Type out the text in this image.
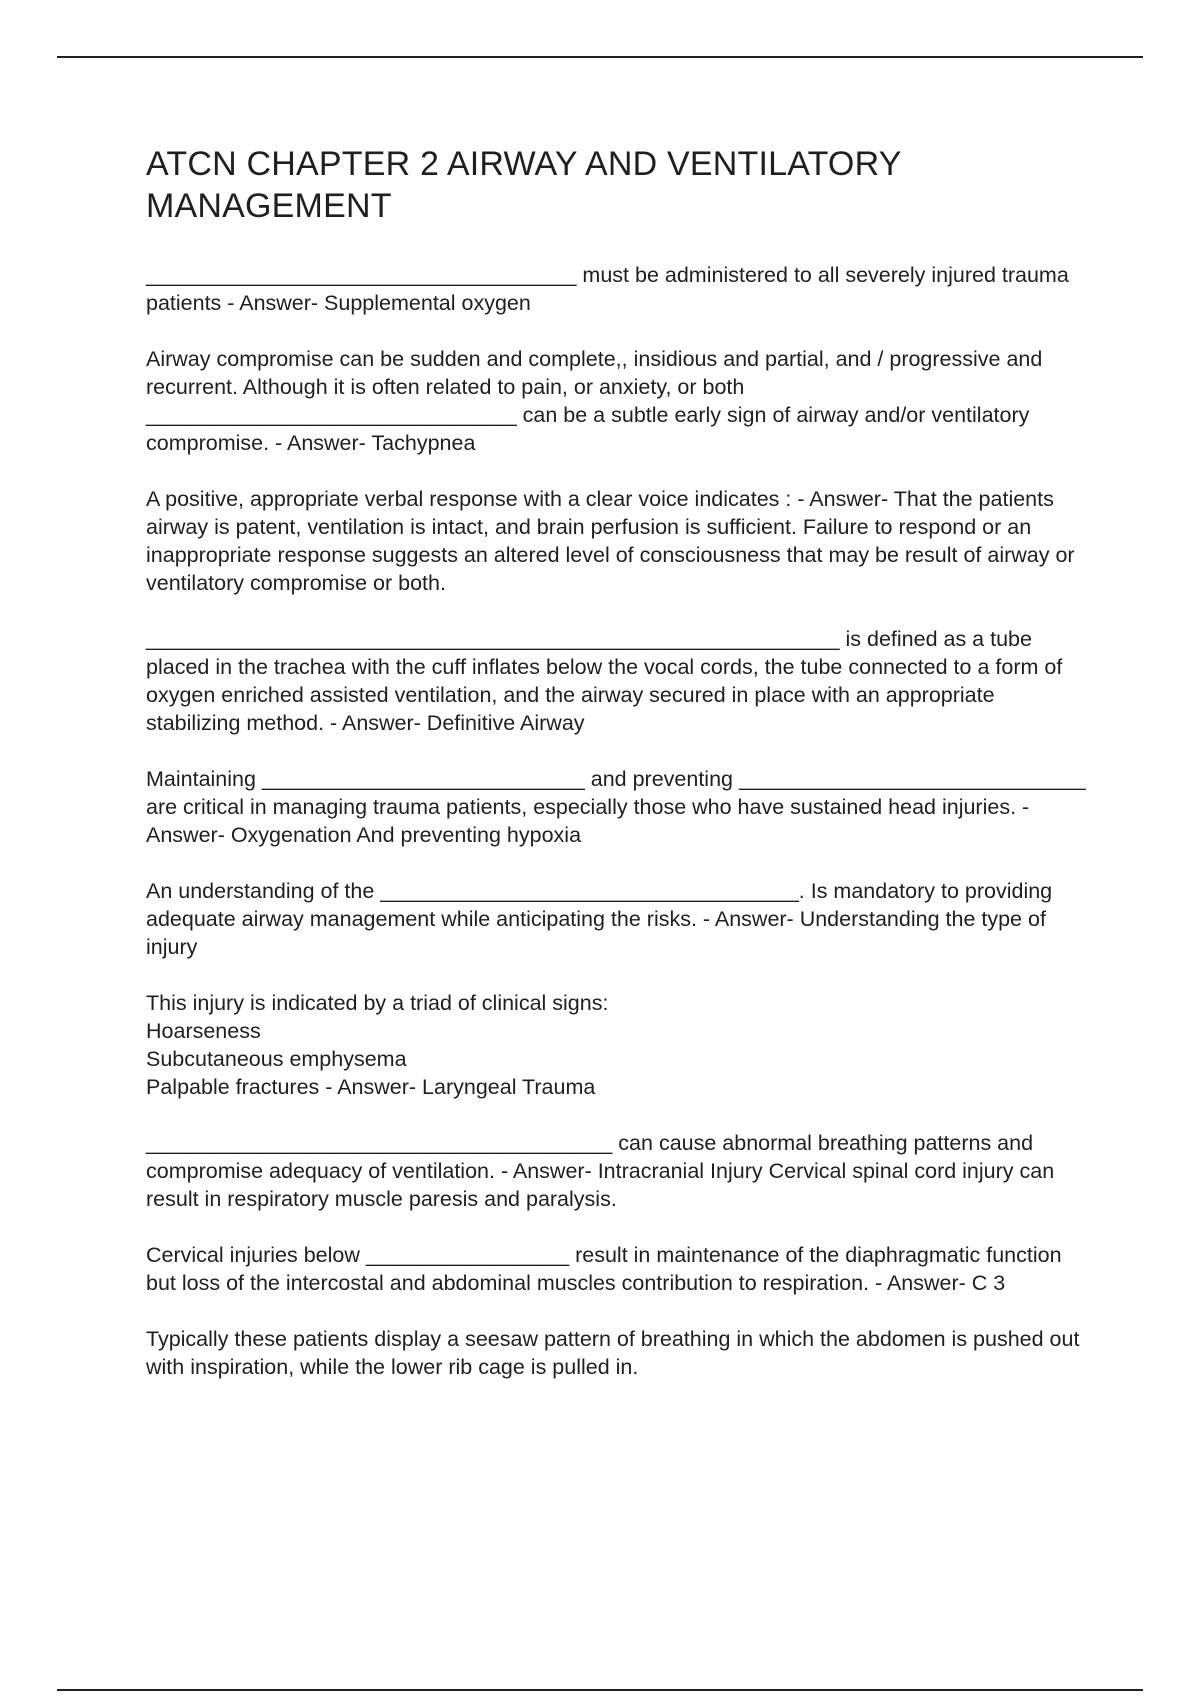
ATCN CHAPTER 2 AIRWAY AND VENTILATORY MANAGEMENT

____________________________________ must be administered to all severely injured trauma patients - Answer- Supplemental oxygen

Airway compromise can be sudden and complete,, insidious and partial, and / progressive and recurrent. Although it is often related to pain, or anxiety, or both _______________________________ can be a subtle early sign of airway and/or ventilatory compromise. - Answer- Tachypnea

A positive, appropriate verbal response with a clear voice indicates : - Answer- That the patients airway is patent, ventilation is intact, and brain perfusion is sufficient. Failure to respond or an inappropriate response suggests an altered level of consciousness that may be result of airway or ventilatory compromise or both.

__________________________________________________________ is defined as a tube placed in the trachea with the cuff inflates below the vocal cords, the tube connected to a form of oxygen enriched assisted ventilation, and the airway secured in place with an appropriate stabilizing method. - Answer- Definitive Airway

Maintaining ___________________________ and preventing _____________________________ are critical in managing trauma patients, especially those who have sustained head injuries. - Answer- Oxygenation And preventing hypoxia

An understanding of the ___________________________________. Is mandatory to providing adequate airway management while anticipating the risks. - Answer- Understanding the type of injury

This injury is indicated by a triad of clinical signs:
Hoarseness
Subcutaneous emphysema
Palpable fractures - Answer- Laryngeal Trauma

_______________________________________ can cause abnormal breathing patterns and compromise adequacy of ventilation. - Answer- Intracranial Injury Cervical spinal cord injury can result in respiratory muscle paresis and paralysis.

Cervical injuries below _________________ result in maintenance of the diaphragmatic function but loss of the intercostal and abdominal muscles contribution to respiration. - Answer- C 3

Typically these patients display a seesaw pattern of breathing in which the abdomen is pushed out with inspiration, while the lower rib cage is pulled in.
